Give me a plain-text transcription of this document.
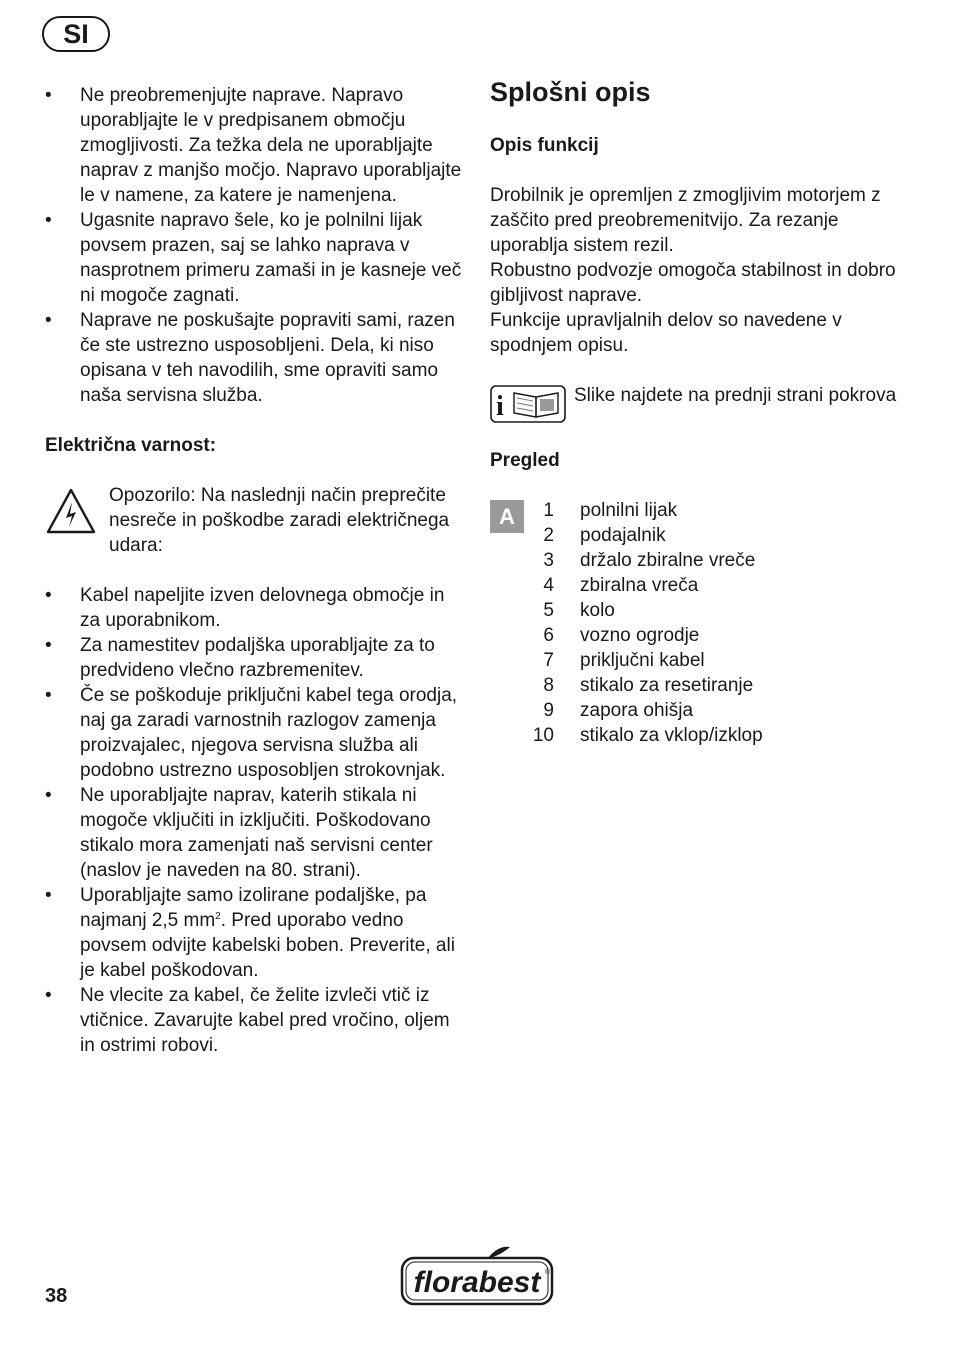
SI
• Ne preobremenjujte naprave. Napravo uporabljajte le v predpisanem območju zmogljivosti. Za težka dela ne uporabljajte naprav z manjšo močjo. Napravo uporabljajte le v namene, za katere je namenjena.
• Ugasnite napravo šele, ko je polnilni lijak povsem prazen, saj se lahko naprava v nasprotnem primeru zamaši in je kasneje več ni mogoče zagnati.
• Naprave ne poskušajte popraviti sami, razen če ste ustrezno usposobljeni. Dela, ki niso opisana v teh navodilih, sme opraviti samo naša servisna služba.
Električna varnost:
Opozorilo: Na naslednji način preprečite nesreče in poškodbe zaradi električnega udara:
• Kabel napeljite izven delovnega območje in za uporabnikom.
• Za namestitev podaljška uporabljajte za to predvideno vlečno razbremenitev.
• Če se poškoduje priključni kabel tega orodja, naj ga zaradi varnostnih razlogov zamenja proizvajalec, njegova servisna služba ali podobno ustrezno usposobljen strokovnjak.
• Ne uporabljajte naprav, katerih stikala ni mogoče vključiti in izključiti. Poškodovano stikalo mora zamenjati naš servisni center (naslov je naveden na 80. strani).
• Uporabljajte samo izolirane podaljške, pa najmanj 2,5 $mm^2$. Pred uporabo vedno povsem odvijte kabelski boben. Preverite, ali je kabel poškodovan.
• Ne vlecite za kabel, če želite izvleči vtič iz vtičnice. Zavarujte kabel pred vročino, oljem in ostrimi robovi.
Splošni opis
Opis funkcij
Drobilnik je opremljen z zmogljivim motorjem z zaščito pred preobremenitvijo. Za rezanje uporablja sistem rezil.
Robustno podvozje omogoča stabilnost in dobro gibljivost naprave.
Funkcije upravljalnih delov so navedene v spodnjem opisu.
i	Slike najdete na prednji strani pokrova
Pregled
A	1 polnilni lijak
2 podajalnik
3 držalo zbiralne vreče
4 zbiralna vreča
5 kolo
6 vozno ogrodje
7 priključni kabel
8 stikalo za resetiranje
9 zapora ohišja
10 stikalo za vklop/izklop
38	florabest ®
